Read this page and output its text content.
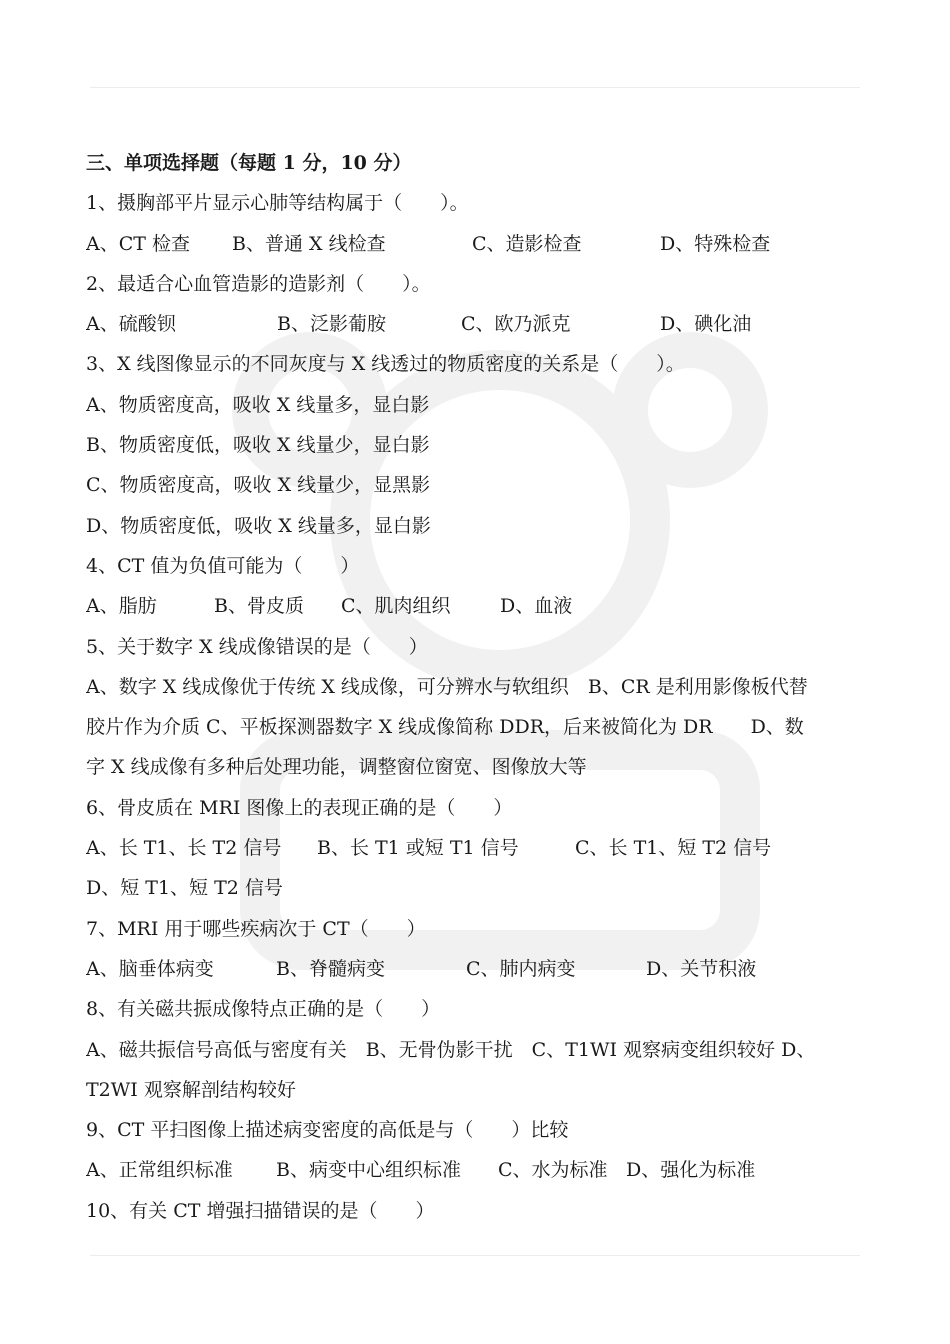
三、单项选择题（每题 1 分，10 分）
1、摄胸部平片显示心肺等结构属于（　　）。
A、CT 检查	B、普通 X 线检查	C、造影检查	D、特殊检查
2、最适合心血管造影的造影剂（　　）。
A、硫酸钡	B、泛影葡胺	C、欧乃派克	D、碘化油
3、X 线图像显示的不同灰度与 X 线透过的物质密度的关系是（　　）。
A、物质密度高，吸收 X 线量多，显白影
B、物质密度低，吸收 X 线量少，显白影
C、物质密度高，吸收 X 线量少，显黑影
D、物质密度低，吸收 X 线量多，显白影
4、CT 值为负值可能为（　　）
A、脂肪	B、骨皮质	C、肌肉组织	D、血液
5、关于数字 X 线成像错误的是（　　）
A、数字 X 线成像优于传统 X 线成像，可分辨水与软组织　B、CR 是利用影像板代替
胶片作为介质 C、平板探测器数字 X 线成像简称 DDR，后来被简化为 DR　　D、数
字 X 线成像有多种后处理功能，调整窗位窗宽、图像放大等
6、骨皮质在 MRI 图像上的表现正确的是（　　）
A、长 T1、长 T2 信号	B、长 T1 或短 T1 信号	C、长 T1、短 T2 信号
D、短 T1、短 T2 信号
7、MRI 用于哪些疾病次于 CT（　　）
A、脑垂体病变	B、脊髓病变	C、肺内病变	D、关节积液
8、有关磁共振成像特点正确的是（　　）
A、磁共振信号高低与密度有关　B、无骨伪影干扰　C、T1WI 观察病变组织较好 D、
T2WI 观察解剖结构较好
9、CT 平扫图像上描述病变密度的高低是与（　　）比较
A、正常组织标准	B、病变中心组织标准	C、水为标准 D、强化为标准
10、有关 CT 增强扫描错误的是（　　）
